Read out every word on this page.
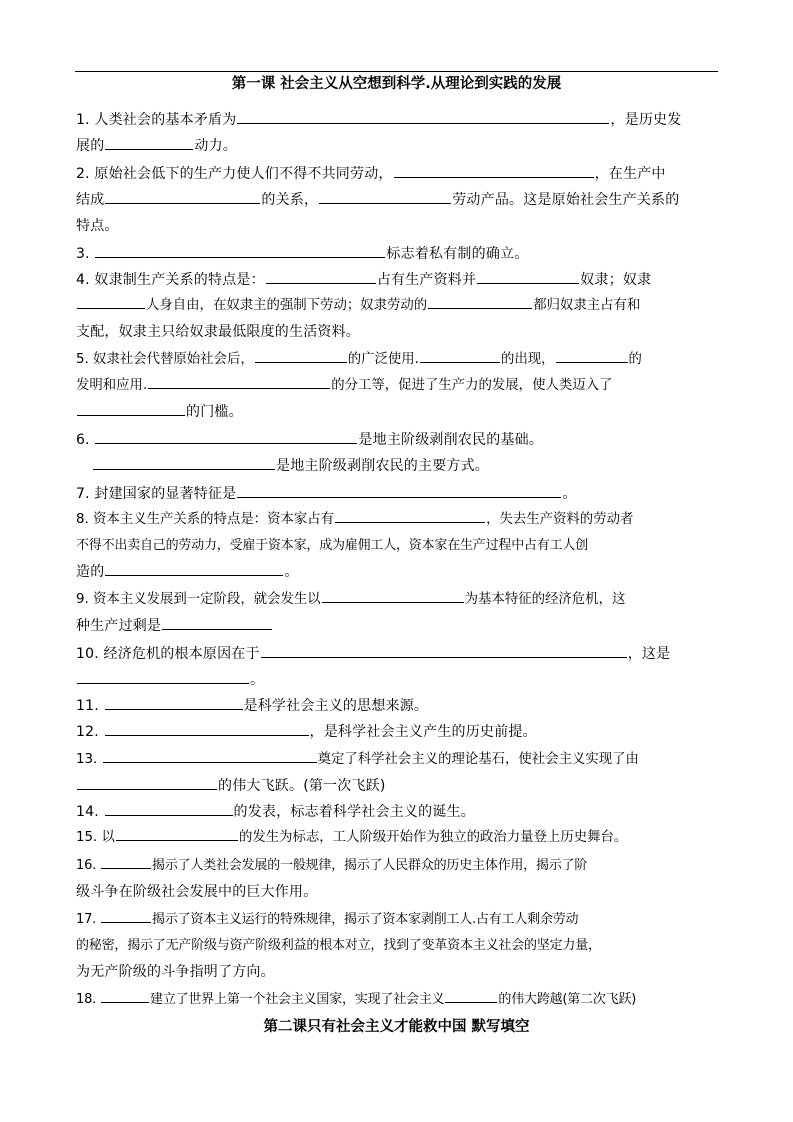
第一课 社会主义从空想到科学.从理论到实践的发展
1. 人类社会的基本矛盾为	，是历史发
展的	动力。
2. 原始社会低下的生产力使人们不得不共同劳动，	，在生产中
结成	的关系，	劳动产品。这是原始社会生产关系的
特点。
3.	标志着私有制的确立。
4. 奴隶制生产关系的特点是：	占有生产资料并	奴隶；奴隶
人身自由，在奴隶主的强制下劳动；奴隶劳动的	都归奴隶主占有和
支配，奴隶主只给奴隶最低限度的生活资料。
5. 奴隶社会代替原始社会后，	的广泛使用.	的出现，	的
发明和应用.	的分工等，促进了生产力的发展，使人类迈入了
的门槛。
6.	是地主阶级剥削农民的基础。
是地主阶级剥削农民的主要方式。
7. 封建国家的显著特征是	。
8. 资本主义生产关系的特点是：资本家占有	，失去生产资料的劳动者
不得不出卖自己的劳动力，受雇于资本家，成为雇佣工人，资本家在生产过程中占有工人创
造的	。
9. 资本主义发展到一定阶段，就会发生以	为基本特征的经济危机，这
种生产过剩是
10. 经济危机的根本原因在于	，这是
。
11.	是科学社会主义的思想来源。
12.	，是科学社会主义产生的历史前提。
13.	奠定了科学社会主义的理论基石，使社会主义实现了由
的伟大飞跃。(第一次飞跃)
14.	的发表，标志着科学社会主义的诞生。
15. 以	的发生为标志，工人阶级开始作为独立的政治力量登上历史舞台。
16.	揭示了人类社会发展的一般规律，揭示了人民群众的历史主体作用，揭示了阶
级斗争在阶级社会发展中的巨大作用。
17.	揭示了资本主义运行的特殊规律，揭示了资本家剥削工人.占有工人剩余劳动
的秘密，揭示了无产阶级与资产阶级利益的根本对立，找到了变革资本主义社会的坚定力量，
为无产阶级的斗争指明了方向。
18.	建立了世界上第一个社会主义国家，实现了社会主义	的伟大跨越(第二次飞跃)
第二课只有社会主义才能救中国 默写填空
